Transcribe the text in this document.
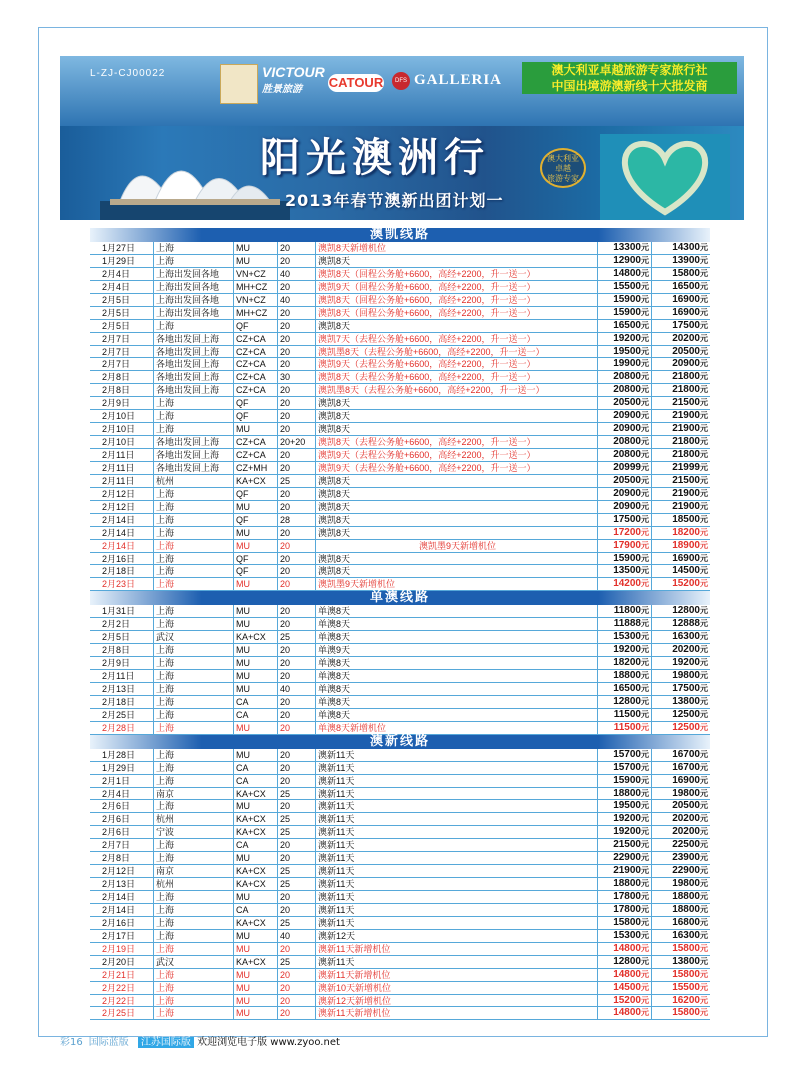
L-ZJ-CJ00022	VICTOUR
胜景旅游	CATOUR	DFS GALLERIA
澳大利亚卓越旅游专家旅行社
中国出境游澳新线十大批发商
阳光澳洲行
2013年春节澳新出团计划一
澳大利亚
卓越
旅游专家
澳凯线路
1月27日	上海	MU	20	澳凯8天新增机位	13300元	14300元
1月29日	上海	MU	20	澳凯8天	12900元	13900元
2月4日	上海出发回各地	VN+CZ	40	澳凯8天（回程公务舱+6600，高经+2200，升一送一）	14800元	15800元
2月4日	上海出发回各地	MH+CZ	20	澳凯9天（回程公务舱+6600，高经+2200，升一送一）	15500元	16500元
2月5日	上海出发回各地	VN+CZ	40	澳凯8天（回程公务舱+6600，高经+2200，升一送一）	15900元	16900元
2月5日	上海出发回各地	MH+CZ	20	澳凯8天（回程公务舱+6600，高经+2200，升一送一）	15900元	16900元
2月5日	上海	QF	20	澳凯8天	16500元	17500元
2月7日	各地出发回上海	CZ+CA	20	澳凯7天（去程公务舱+6600，高经+2200，升一送一）	19200元	20200元
2月7日	各地出发回上海	CZ+CA	20	澳凯墨8天（去程公务舱+6600，高经+2200，升一送一）	19500元	20500元
2月7日	各地出发回上海	CZ+CA	20	澳凯9天（去程公务舱+6600，高经+2200，升一送一）	19900元	20900元
2月8日	各地出发回上海	CZ+CA	30	澳凯8天（去程公务舱+6600，高经+2200，升一送一）	20800元	21800元
2月8日	各地出发回上海	CZ+CA	20	澳凯墨8天（去程公务舱+6600，高经+2200，升一送一）	20800元	21800元
2月9日	上海	QF	20	澳凯8天	20500元	21500元
2月10日	上海	QF	20	澳凯8天	20900元	21900元
2月10日	上海	MU	20	澳凯8天	20900元	21900元
2月10日	各地出发回上海	CZ+CA	20+20	澳凯8天（去程公务舱+6600，高经+2200，升一送一）	20800元	21800元
2月11日	各地出发回上海	CZ+CA	20	澳凯9天（去程公务舱+6600，高经+2200，升一送一）	20800元	21800元
2月11日	各地出发回上海	CZ+MH	20	澳凯9天（去程公务舱+6600，高经+2200，升一送一）	20999元	21999元
2月11日	杭州	KA+CX	25	澳凯8天	20500元	21500元
2月12日	上海	QF	20	澳凯8天	20900元	21900元
2月12日	上海	MU	20	澳凯8天	20900元	21900元
2月14日	上海	QF	28	澳凯8天	17500元	18500元
2月14日	上海	MU	20	澳凯8天	17200元	18200元
2月14日	上海	MU	20	澳凯墨9天新增机位	17900元	18900元
2月16日	上海	QF	20	澳凯8天	15900元	16900元
2月18日	上海	QF	20	澳凯8天	13500元	14500元
2月23日	上海	MU	20	澳凯墨9天新增机位	14200元	15200元
单澳线路
1月31日	上海	MU	20	单澳8天	11800元	12800元
2月2日	上海	MU	20	单澳8天	11888元	12888元
2月5日	武汉	KA+CX	25	单澳8天	15300元	16300元
2月8日	上海	MU	20	单澳9天	19200元	20200元
2月9日	上海	MU	20	单澳8天	18200元	19200元
2月11日	上海	MU	20	单澳8天	18800元	19800元
2月13日	上海	MU	40	单澳8天	16500元	17500元
2月18日	上海	CA	20	单澳8天	12800元	13800元
2月25日	上海	CA	20	单澳8天	11500元	12500元
2月28日	上海	MU	20	单澳8天新增机位	11500元	12500元
澳新线路
1月28日	上海	MU	20	澳新11天	15700元	16700元
1月29日	上海	CA	20	澳新11天	15700元	16700元
2月1日	上海	CA	20	澳新11天	15900元	16900元
2月4日	南京	KA+CX	25	澳新11天	18800元	19800元
2月6日	上海	MU	20	澳新11天	19500元	20500元
2月6日	杭州	KA+CX	25	澳新11天	19200元	20200元
2月6日	宁波	KA+CX	25	澳新11天	19200元	20200元
2月7日	上海	CA	20	澳新11天	21500元	22500元
2月8日	上海	MU	20	澳新11天	22900元	23900元
2月12日	南京	KA+CX	25	澳新11天	21900元	22900元
2月13日	杭州	KA+CX	25	澳新11天	18800元	19800元
2月14日	上海	MU	20	澳新11天	17800元	18800元
2月14日	上海	CA	20	澳新11天	17800元	18800元
2月16日	上海	KA+CX	25	澳新11天	15800元	16800元
2月17日	上海	MU	40	澳新12天	15300元	16300元
2月19日	上海	MU	20	澳新11天新增机位	14800元	15800元
2月20日	武汉	KA+CX	25	澳新11天	12800元	13800元
2月21日	上海	MU	20	澳新11天新增机位	14800元	15800元
2月22日	上海	MU	20	澳新10天新增机位	14500元	15500元
2月22日	上海	MU	20	澳新12天新增机位	15200元	16200元
2月25日	上海	MU	20	澳新11天新增机位	14800元	15800元
彩16 国际蓝版 江苏国际版 欢迎浏览电子版 www.zyoo.net
